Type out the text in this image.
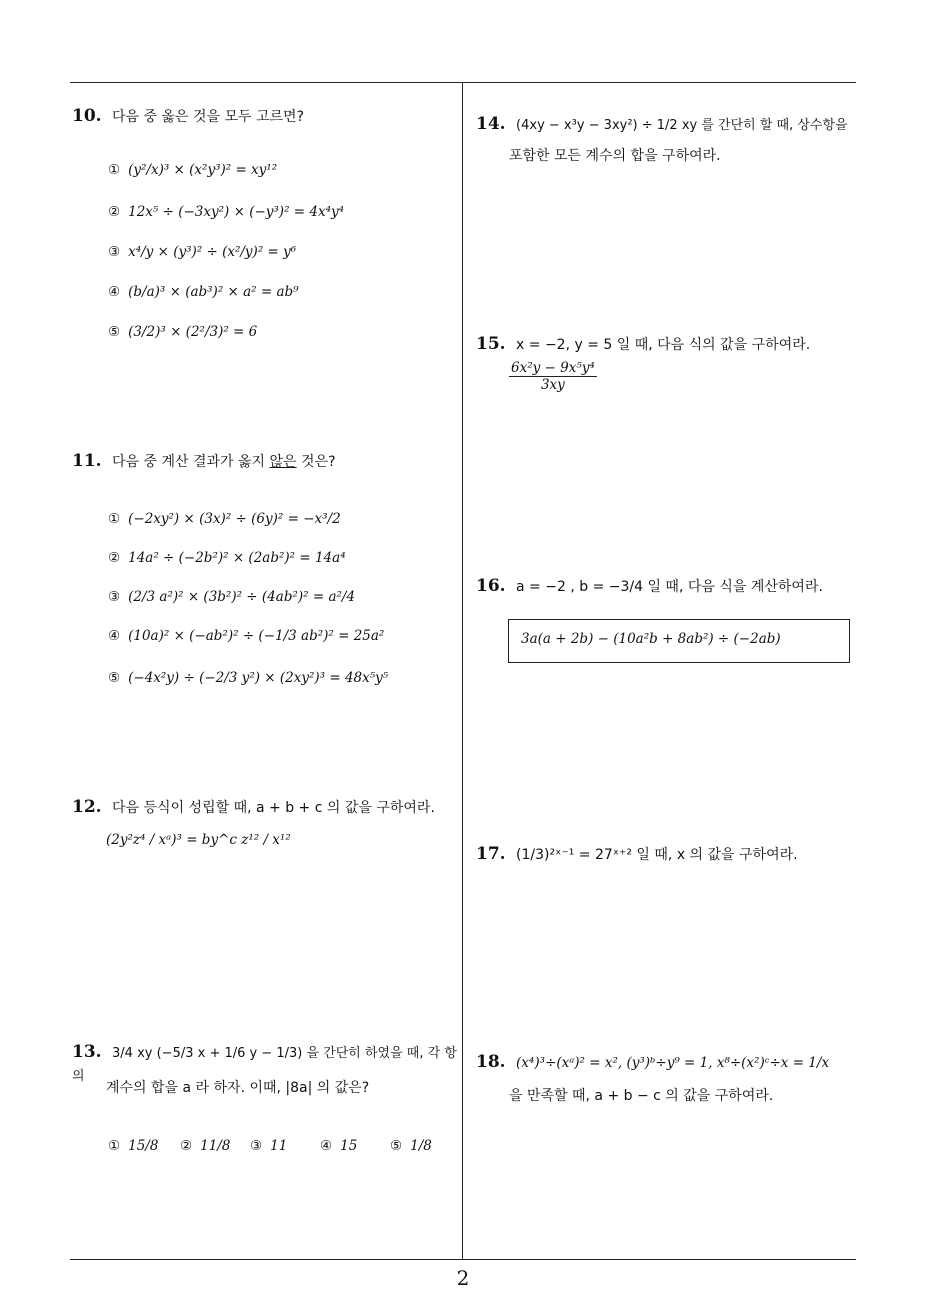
10. 다음 중 옳은 것을 모두 고르면?
① (y²/x)³ × (x²y³)² = xy¹²
② 12x⁵ ÷ (−3xy²) × (−y³)² = 4x⁴y⁴
③ x⁴/y × (y³)² ÷ (x²/y)² = y⁶
④ (b/a)³ × (ab³)² × a² = ab⁹
⑤ (3/2)³ × (2²/3)² = 6
11. 다음 중 계산 결과가 옳지 않은 것은?
① (−2xy²) × (3x)² ÷ (6y)² = −x³/2
② 14a² ÷ (−2b²)² × (2ab²)² = 14a⁴
③ (2/3 a²)² × (3b²)² ÷ (4ab²)² = a²/4
④ (10a)² × (−ab²)² ÷ (−1/3 ab²)² = 25a²
⑤ (−4x²y) ÷ (−2/3 y²) × (2xy²)³ = 48x⁵y⁵
12. 다음 등식이 성립할 때, a + b + c 의 값을 구하여라.
(2y²z⁴ / xᵃ)³ = by^c z¹² / x¹²
13. 3/4 xy (−5/3 x + 1/6 y − 1/3) 을 간단히 하였을 때, 각 항의
계수의 합을 a 라 하자. 이때, |8a| 의 값은?
① 15/8 ② 11/8 ③ 11 ④ 15 ⑤ 1/8
14. (4xy − x³y − 3xy²) ÷ 1/2 xy 를 간단히 할 때, 상수항을
포함한 모든 계수의 합을 구하여라.
15. x = −2, y = 5 일 때, 다음 식의 값을 구하여라.
$\frac{\text{6x²y − 9x⁵y⁴}}{3xy}$
16. a = −2 , b = −3/4 일 때, 다음 식을 계산하여라.
3a(a + 2b) − (10a²b + 8ab²) ÷ (−2ab)
17. (1/3)²ˣ⁻¹ = 27ˣ⁺² 일 때, x 의 값을 구하여라.
18. (x⁴)³÷(xᵃ)² = x², (y³)ᵇ÷y⁹ = 1, x⁸÷(x²)ᶜ÷x = 1/x
을 만족할 때, a + b − c 의 값을 구하여라.
2
